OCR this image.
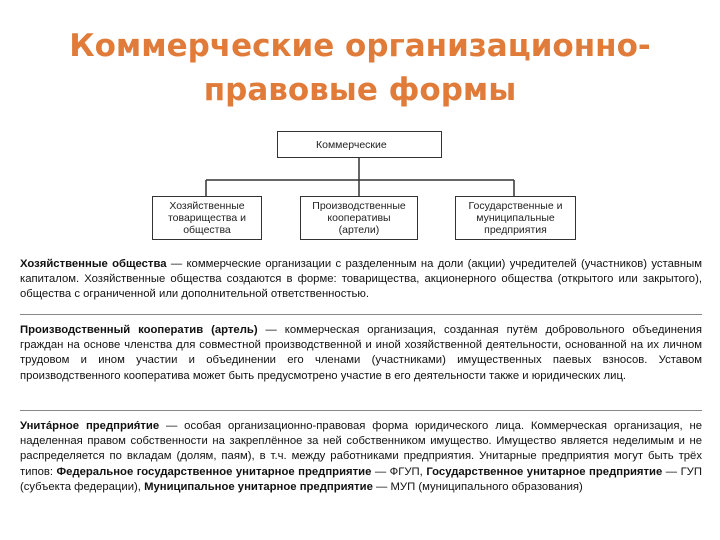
Коммерческие организационно-
правовые формы
Коммерческие
Хозяйственные
товарищества и
общества
Производственные
кооперативы
(артели)
Государственные и
муниципальные
предприятия
Хозяйственные общества — коммерческие организации с разделенным на доли (акции) учредителей (участников) уставным капиталом. Хозяйственные общества создаются в форме: товарищества, акционерного общества (открытого или закрытого), общества с ограниченной или дополнительной ответственностью.
Производственный кооператив (артель) — коммерческая организация, созданная путём добровольного объединения граждан на основе членства для совместной производственной и иной хозяйственной деятельности, основанной на их личном трудовом и ином участии и объединении его членами (участниками) имущественных паевых взносов. Уставом производственного кооператива может быть предусмотрено участие в его деятельности также и юридических лиц.
Унита́рное предприя́тие — особая организационно-правовая форма юридического лица. Коммерческая организация, не наделенная правом собственности на закреплённое за ней собственником имущество. Имущество является неделимым и не распределяется по вкладам (долям, паям), в т.ч. между работниками предприятия. Унитарные предприятия могут быть трёх типов: Федеральное государственное унитарное предприятие — ФГУП, Государственное унитарное предприятие — ГУП (субъекта федерации), Муниципальное унитарное предприятие — МУП (муниципального образования)
